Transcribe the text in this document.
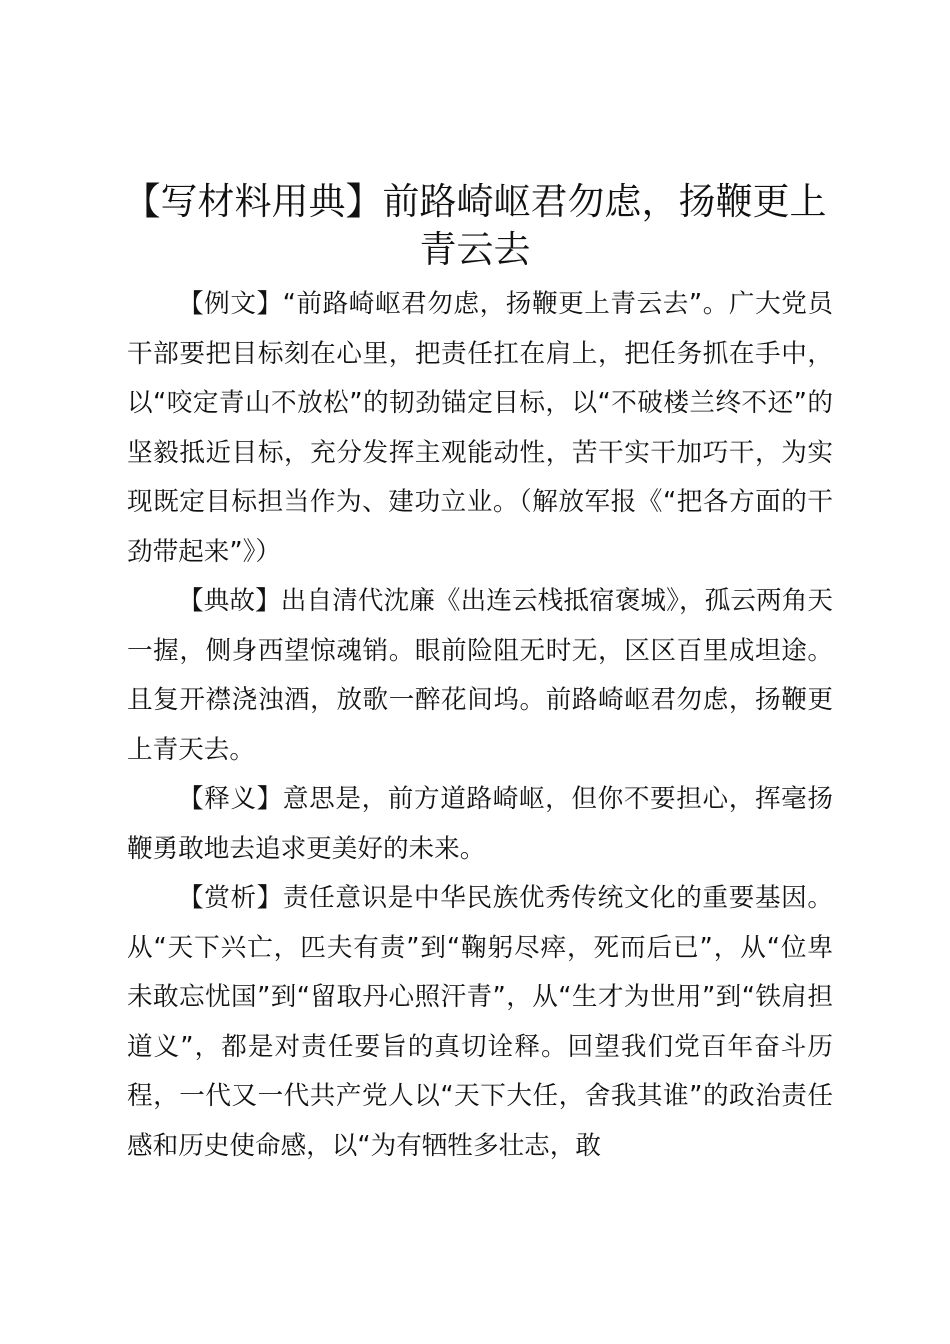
【写材料用典】前路崎岖君勿虑，扬鞭更上青云去

【例文】“前路崎岖君勿虑，扬鞭更上青云去”。广大党员干部要把目标刻在心里，把责任扛在肩上，把任务抓在手中，以“咬定青山不放松”的韧劲锚定目标，以“不破楼兰终不还”的坚毅抵近目标，充分发挥主观能动性，苦干实干加巧干，为实现既定目标担当作为、建功立业。（解放军报《“把各方面的干劲带起来”》）

【典故】出自清代沈廉《出连云栈抵宿褒城》，孤云两角天一握，侧身西望惊魂销。眼前险阻无时无，区区百里成坦途。且复开襟浇浊酒，放歌一醉花间坞。前路崎岖君勿虑，扬鞭更上青天去。

【释义】意思是，前方道路崎岖，但你不要担心，挥毫扬鞭勇敢地去追求更美好的未来。

【赏析】责任意识是中华民族优秀传统文化的重要基因。从“天下兴亡，匹夫有责”到“鞠躬尽瘁，死而后已”，从“位卑未敢忘忧国”到“留取丹心照汗青”，从“生才为世用”到“铁肩担道义”，都是对责任要旨的真切诠释。回望我们党百年奋斗历程，一代又一代共产党人以“天下大任，舍我其谁”的政治责任感和历史使命感，以“为有牺牲多壮志，敢
